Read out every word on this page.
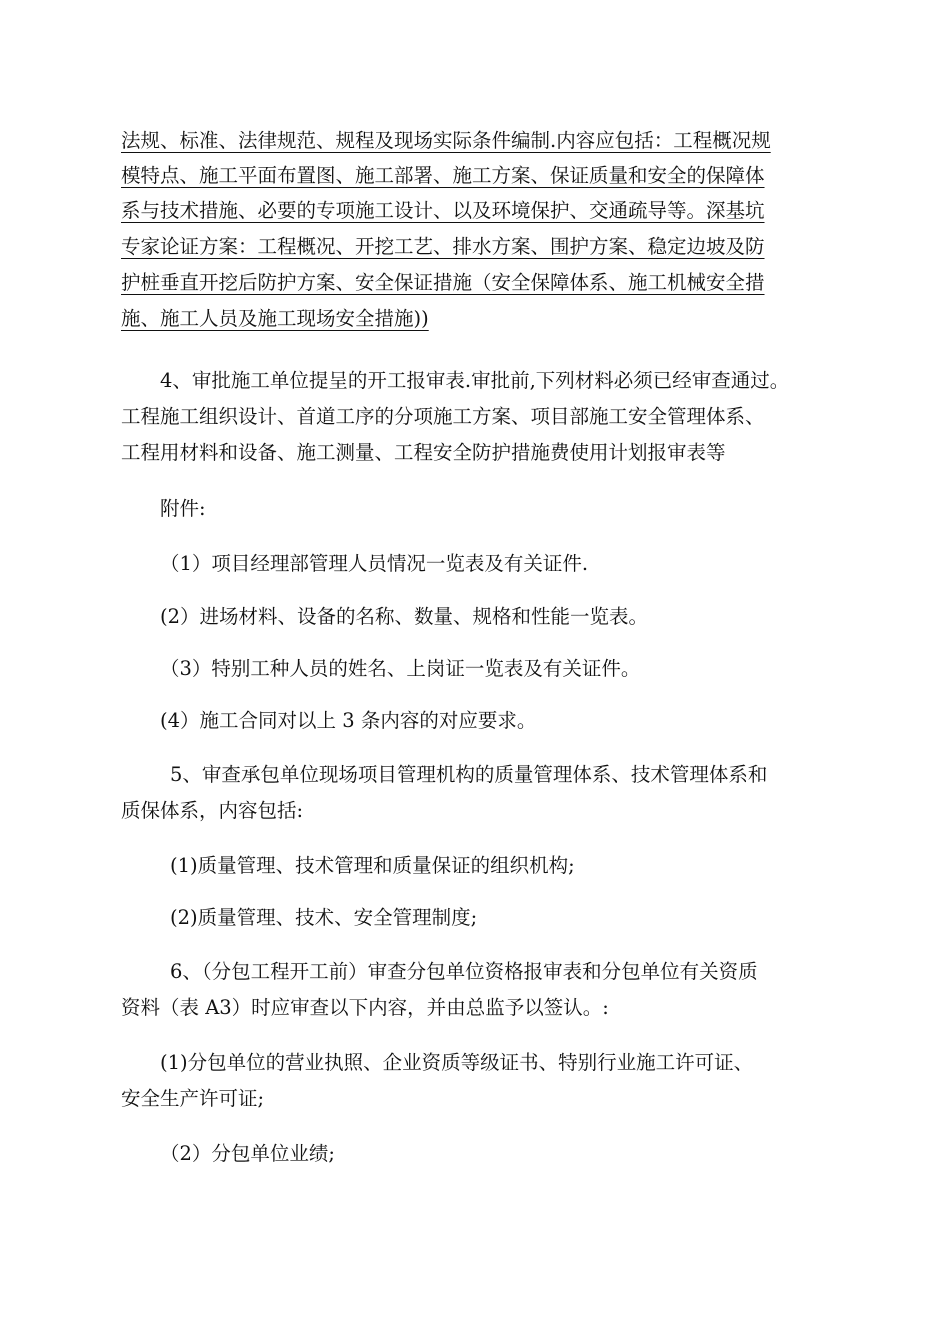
法规、标准、法律规范、规程及现场实际条件编制.内容应包括：工程概况规
模特点、施工平面布置图、施工部署、施工方案、保证质量和安全的保障体
系与技术措施、必要的专项施工设计、以及环境保护、交通疏导等。深基坑
专家论证方案：工程概况、开挖工艺、排水方案、围护方案、稳定边坡及防
护桩垂直开挖后防护方案、安全保证措施（安全保障体系、施工机械安全措
施、施工人员及施工现场安全措施))
4、审批施工单位提呈的开工报审表.审批前,下列材料必须已经审查通过。
工程施工组织设计、首道工序的分项施工方案、项目部施工安全管理体系、
工程用材料和设备、施工测量、工程安全防护措施费使用计划报审表等
附件:
（1）项目经理部管理人员情况一览表及有关证件.
(2）进场材料、设备的名称、数量、规格和性能一览表。
（3）特别工种人员的姓名、上岗证一览表及有关证件。
(4）施工合同对以上 3 条内容的对应要求。
5、审查承包单位现场项目管理机构的质量管理体系、技术管理体系和
质保体系，内容包括:
(1)质量管理、技术管理和质量保证的组织机构;
(2)质量管理、技术、安全管理制度;
6、（分包工程开工前）审查分包单位资格报审表和分包单位有关资质
资料（表 A3）时应审查以下内容，并由总监予以签认。:
(1)分包单位的营业执照、企业资质等级证书、特别行业施工许可证、
安全生产许可证;
（2）分包单位业绩;
